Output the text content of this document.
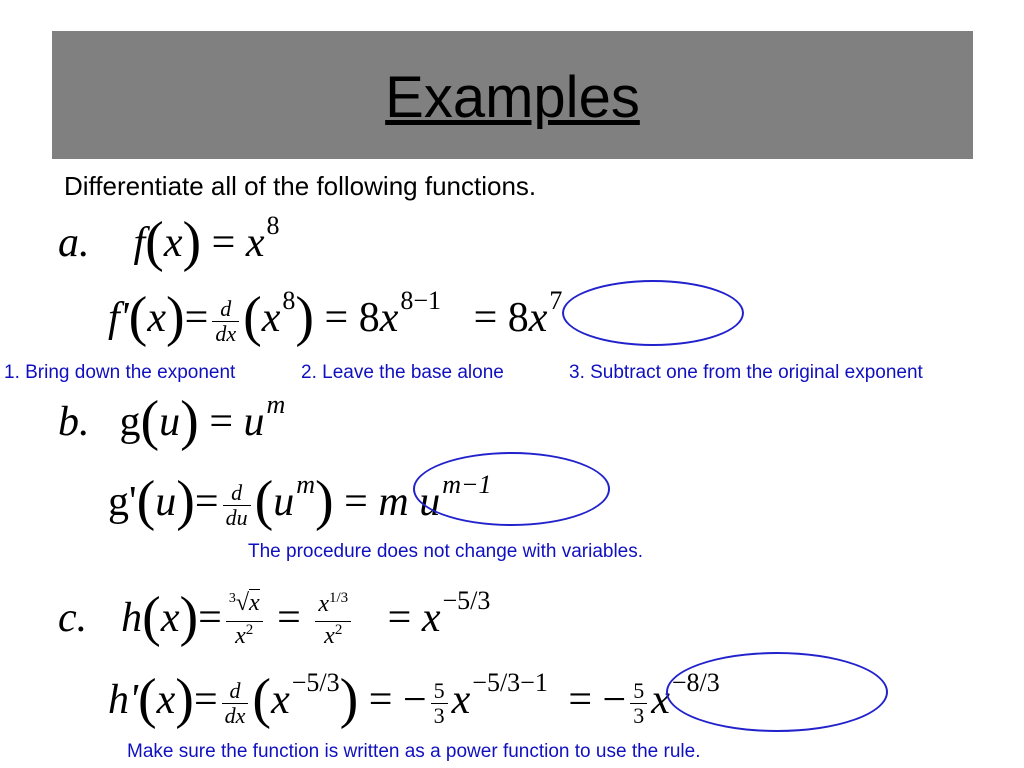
Examples
Differentiate all of the following functions.
a. $f(x) = x^8$
$f'(x)= \frac{d}{dx} (x^8) = 8x^{8-1} = 8x^7$
1. Bring down the exponent	2. Leave the base alone	3. Subtract one from the original exponent
b. $g(u) = u^m$
$g'(u)= \frac{d}{du} (u^m) = m$ $u^{m-1}$
The procedure does not change with variables.
c. $h(x)= \frac{^3√x}{x^2} = \frac{x^{1/3}}{x^2} = x^{-5/3}$
$h'(x)= \frac{d}{dx} (x^{-5/3})$ = − $\frac{5}{3} x^{-5/3-1}$ = − $\frac{5}{3} x^{-8/3}$
Make sure the function is written as a power function to use the rule.
